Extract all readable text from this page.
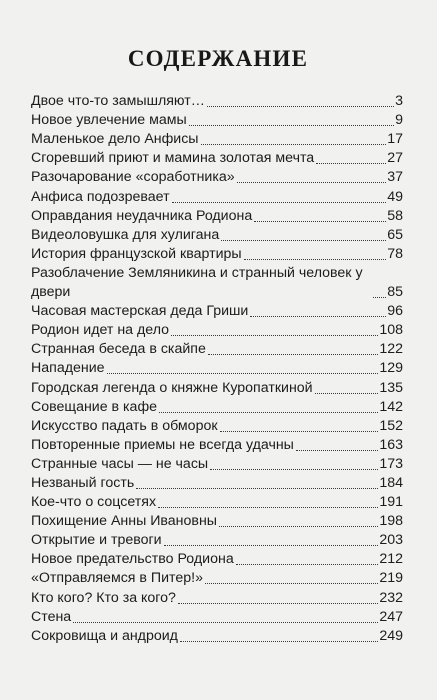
СОДЕРЖАНИЕ
Двое что-то замышляют…	3
Новое увлечение мамы	9
Маленькое дело Анфисы	17
Сгоревший приют и мамина золотая мечта	27
Разочарование «соработника»	37
Анфиса подозревает	49
Оправдания неудачника Родиона	58
Видеоловушка для хулигана	65
История французской квартиры	78
Разоблачение Земляникина и странный человек у двери	85
Часовая мастерская деда Гриши	96
Родион идет на дело	108
Странная беседа в скайпе	122
Нападение	129
Городская легенда о княжне Куропаткиной	135
Совещание в кафе	142
Искусство падать в обморок	152
Повторенные приемы не всегда удачны	163
Странные часы — не часы	173
Незваный гость	184
Кое-что о соцсетях	191
Похищение Анны Ивановны	198
Открытие и тревоги	203
Новое предательство Родиона	212
«Отправляемся в Питер!»	219
Кто кого? Кто за кого?	232
Стена	247
Сокровища и андроид	249
